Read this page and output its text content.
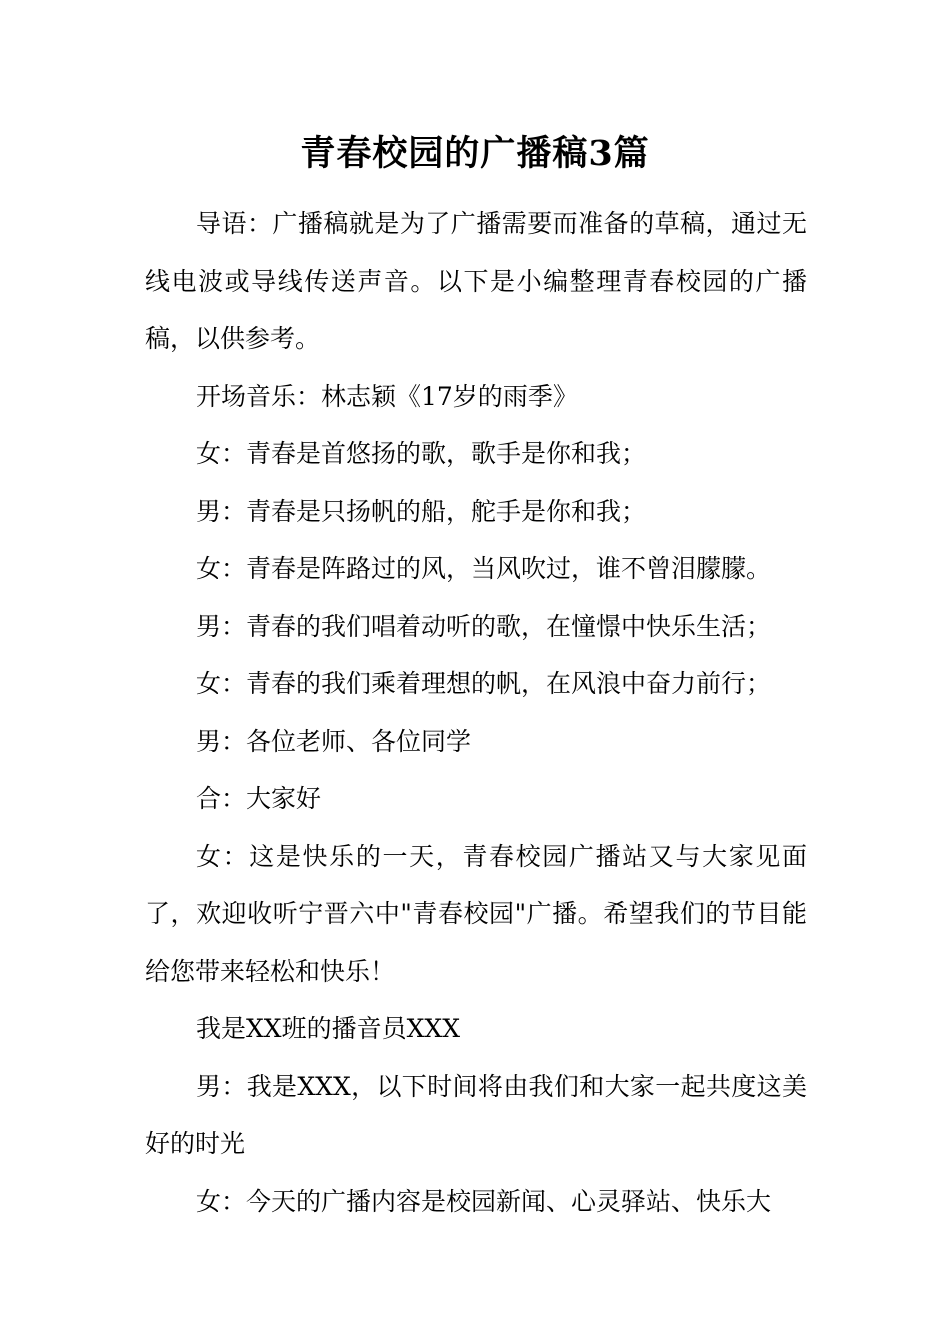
青春校园的广播稿3篇

导语：广播稿就是为了广播需要而准备的草稿，通过无线电波或导线传送声音。以下是小编整理青春校园的广播稿，以供参考。

开场音乐：林志颖《17岁的雨季》

女：青春是首悠扬的歌，歌手是你和我；

男：青春是只扬帆的船，舵手是你和我；

女：青春是阵路过的风，当风吹过，谁不曾泪朦朦。

男：青春的我们唱着动听的歌，在憧憬中快乐生活；

女：青春的我们乘着理想的帆，在风浪中奋力前行；

男：各位老师、各位同学

合：大家好

女：这是快乐的一天，青春校园广播站又与大家见面了，欢迎收听宁晋六中"青春校园"广播。希望我们的节目能给您带来轻松和快乐！

我是XX班的播音员XXX

男：我是XXX，以下时间将由我们和大家一起共度这美好的时光

女：今天的广播内容是校园新闻、心灵驿站、快乐大
